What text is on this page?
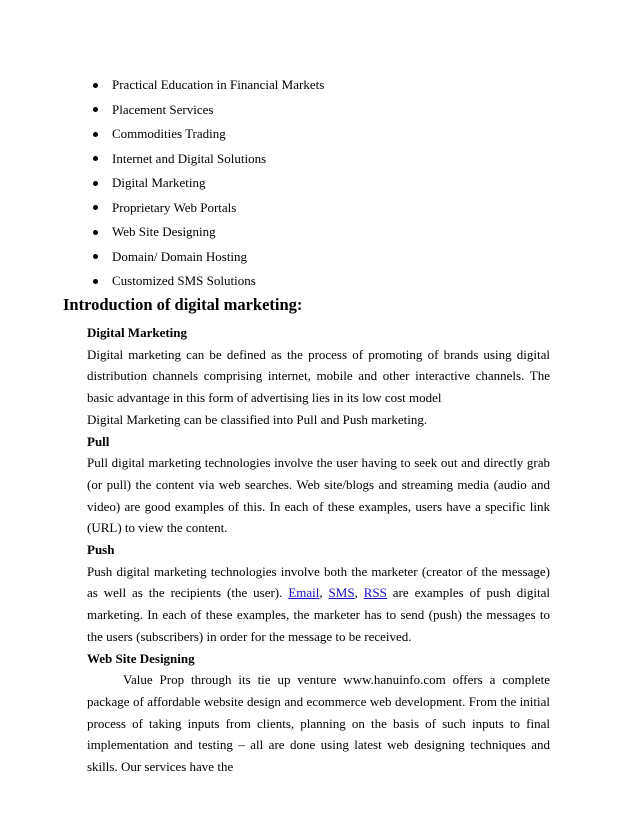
Practical Education in Financial Markets
Placement Services
Commodities Trading
Internet and Digital Solutions
Digital Marketing
Proprietary Web Portals
Web Site Designing
Domain/ Domain Hosting
Customized SMS Solutions
Introduction of digital marketing:

Digital Marketing

Digital marketing can be defined as the process of promoting of brands using digital distribution channels comprising internet, mobile and other interactive channels. The basic advantage in this form of advertising lies in its low cost model

Digital Marketing can be classified into Pull and Push marketing.

Pull

Pull digital marketing technologies involve the user having to seek out and directly grab (or pull) the content via web searches. Web site/blogs and streaming media (audio and video) are good examples of this. In each of these examples, users have a specific link (URL) to view the content.

Push

Push digital marketing technologies involve both the marketer (creator of the message) as well as the recipients (the user). Email, SMS, RSS are examples of push digital marketing. In each of these examples, the marketer has to send (push) the messages to the users (subscribers) in order for the message to be received.

Web Site Designing

Value Prop through its tie up venture www.hanuinfo.com offers a complete package of affordable website design and ecommerce web development. From the initial process of taking inputs from clients, planning on the basis of such inputs to final implementation and testing – all are done using latest web designing techniques and skills. Our services have the
